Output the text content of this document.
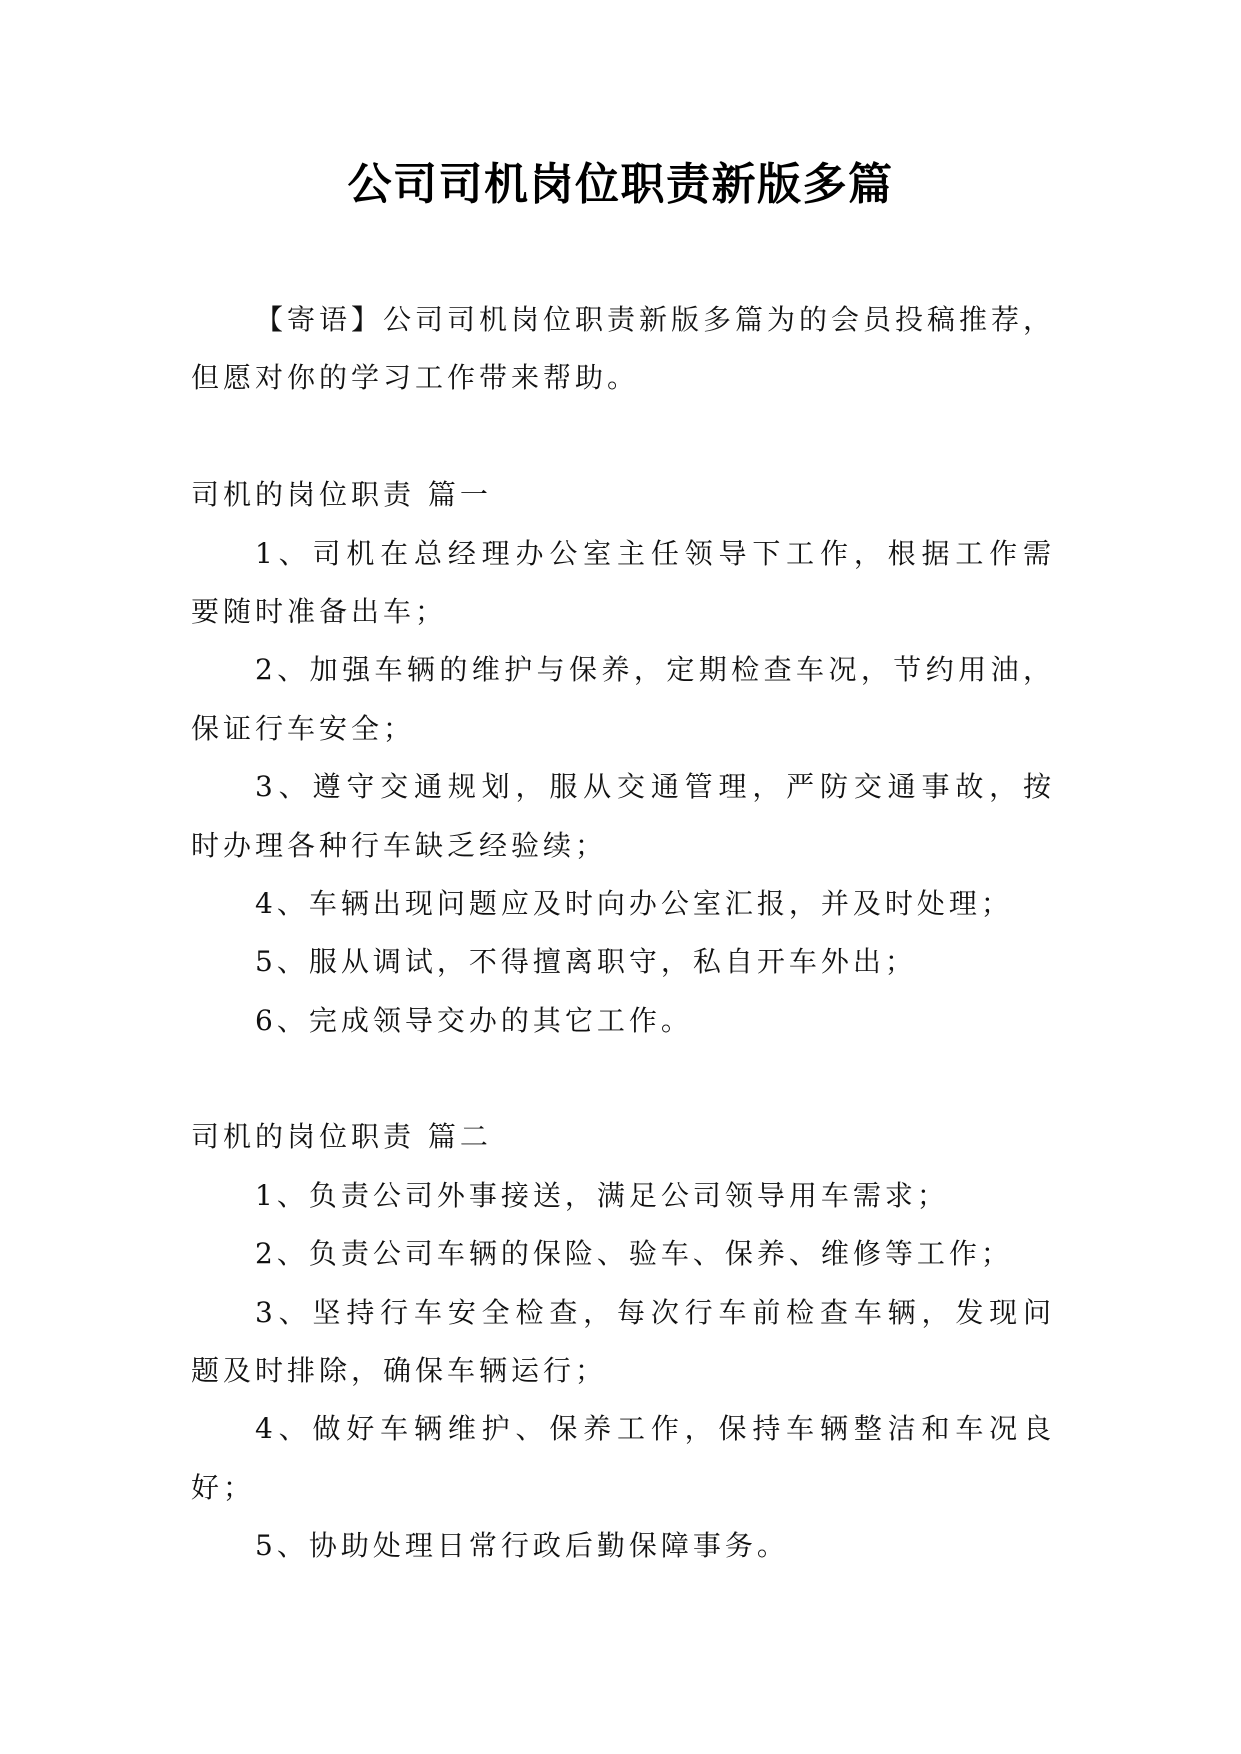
公司司机岗位职责新版多篇
【寄语】公司司机岗位职责新版多篇为的会员投稿推荐，
但愿对你的学习工作带来帮助。
司机的岗位职责 篇一
1、司机在总经理办公室主任领导下工作，根据工作需
要随时准备出车；
2、加强车辆的维护与保养，定期检查车况，节约用油，
保证行车安全；
3、遵守交通规划，服从交通管理，严防交通事故，按
时办理各种行车缺乏经验续；
4、车辆出现问题应及时向办公室汇报，并及时处理；
5、服从调试，不得擅离职守，私自开车外出；
6、完成领导交办的其它工作。
司机的岗位职责 篇二
1、负责公司外事接送，满足公司领导用车需求；
2、负责公司车辆的保险、验车、保养、维修等工作；
3、坚持行车安全检查，每次行车前检查车辆，发现问
题及时排除，确保车辆运行；
4、做好车辆维护、保养工作，保持车辆整洁和车况良
好；
5、协助处理日常行政后勤保障事务。
